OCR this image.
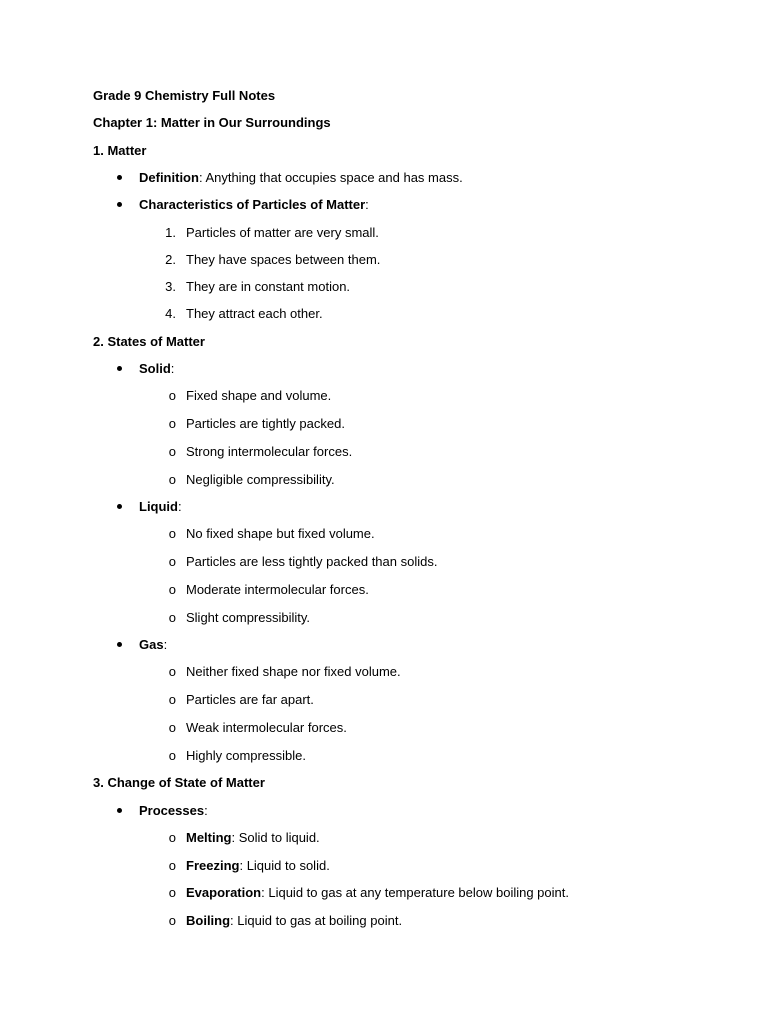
Grade 9 Chemistry Full Notes
Chapter 1: Matter in Our Surroundings
1. Matter
Definition: Anything that occupies space and has mass.
Characteristics of Particles of Matter:
1. Particles of matter are very small.
2. They have spaces between them.
3. They are in constant motion.
4. They attract each other.
2. States of Matter
Solid:
o Fixed shape and volume.
o Particles are tightly packed.
o Strong intermolecular forces.
o Negligible compressibility.
Liquid:
o No fixed shape but fixed volume.
o Particles are less tightly packed than solids.
o Moderate intermolecular forces.
o Slight compressibility.
Gas:
o Neither fixed shape nor fixed volume.
o Particles are far apart.
o Weak intermolecular forces.
o Highly compressible.
3. Change of State of Matter
Processes:
o Melting: Solid to liquid.
o Freezing: Liquid to solid.
o Evaporation: Liquid to gas at any temperature below boiling point.
o Boiling: Liquid to gas at boiling point.
